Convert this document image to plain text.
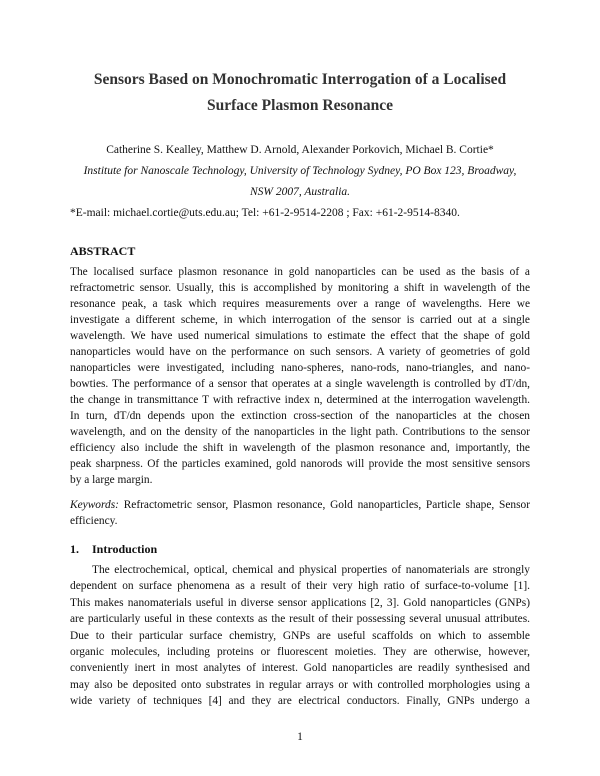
Sensors Based on Monochromatic Interrogation of a Localised
Surface Plasmon Resonance
Catherine S. Kealley, Matthew D. Arnold, Alexander Porkovich, Michael B. Cortie*
Institute for Nanoscale Technology, University of Technology Sydney, PO Box 123, Broadway,
NSW 2007, Australia.
*E-mail: michael.cortie@uts.edu.au; Tel: +61-2-9514-2208 ; Fax: +61-2-9514-8340.
ABSTRACT
The localised surface plasmon resonance in gold nanoparticles can be used as the basis of a
refractometric sensor. Usually, this is accomplished by monitoring a shift in wavelength of the
resonance peak, a task which requires measurements over a range of wavelengths. Here we
investigate a different scheme, in which interrogation of the sensor is carried out at a single
wavelength. We have used numerical simulations to estimate the effect that the shape of gold
nanoparticles would have on the performance on such sensors. A variety of geometries of gold
nanoparticles were investigated, including nano-spheres, nano-rods, nano-triangles, and nano-
bowties. The performance of a sensor that operates at a single wavelength is controlled by dT/dn,
the change in transmittance T with refractive index n, determined at the interrogation wavelength.
In turn, dT/dn depends upon the extinction cross-section of the nanoparticles at the chosen
wavelength, and on the density of the nanoparticles in the light path. Contributions to the sensor
efficiency also include the shift in wavelength of the plasmon resonance and, importantly, the
peak sharpness. Of the particles examined, gold nanorods will provide the most sensitive sensors
by a large margin.
Keywords: Refractometric sensor, Plasmon resonance, Gold nanoparticles, Particle shape, Sensor
efficiency.
1. Introduction
The electrochemical, optical, chemical and physical properties of nanomaterials are strongly
dependent on surface phenomena as a result of their very high ratio of surface-to-volume [1].
This makes nanomaterials useful in diverse sensor applications [2, 3]. Gold nanoparticles (GNPs)
are particularly useful in these contexts as the result of their possessing several unusual attributes.
Due to their particular surface chemistry, GNPs are useful scaffolds on which to assemble
organic molecules, including proteins or fluorescent moieties. They are otherwise, however,
conveniently inert in most analytes of interest. Gold nanoparticles are readily synthesised and
may also be deposited onto substrates in regular arrays or with controlled morphologies using a
wide variety of techniques [4] and they are electrical conductors. Finally, GNPs undergo a
1
